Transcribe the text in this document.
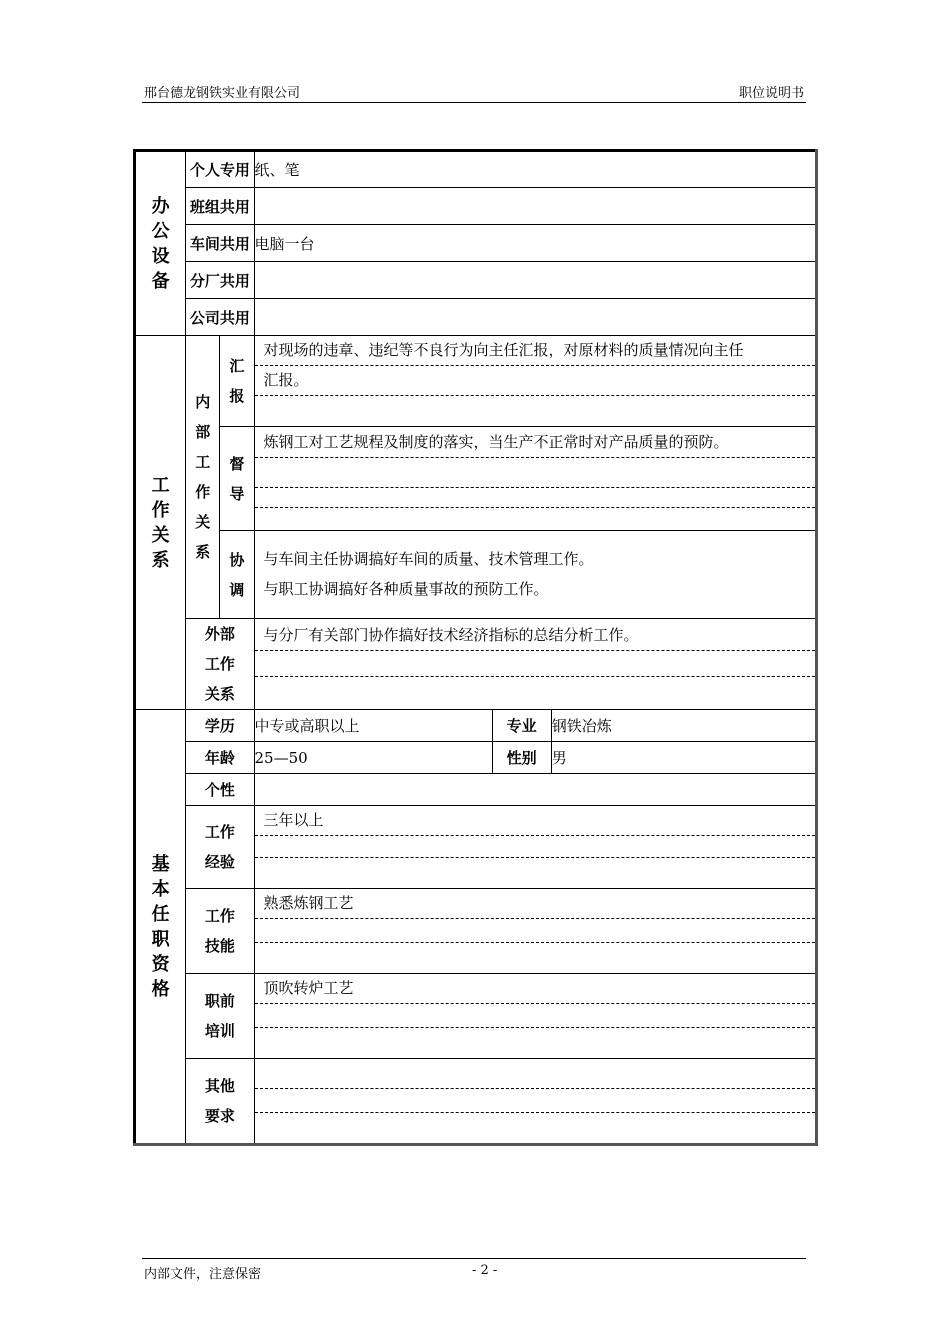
邢台德龙钢铁实业有限公司	职位说明书
办公设备	个人专用		纸、笔		
	班组共用				
	车间共用		电脑一台		
	分厂共用				
	公司共用				
工作关系	内部工作关系	汇报	对现场的违章、违纪等不良行为向主任汇报，对原材料的质量情况向主任
汇报。		

		督导	炼钢工对工艺规程及制度的落实，当生产不正常时对产品质量的预防。		

		协调	与车间主任协调搞好车间的质量、技术管理工作。
与职工协调搞好各种质量事故的预防工作。		

	外部
工作
关系		与分厂有关部门协作搞好技术经济指标的总结分析工作。		

基本任职资格	学历		中专或高职以上	专业	钢铁冶炼
	年龄		25—50	性别	男
	个性				

	工作
经验		三年以上		

	工作
技能		熟悉炼钢工艺		

	职前
培训		顶吹转炉工艺		

	其他
要求				

内部文件，注意保密	- 2 -
